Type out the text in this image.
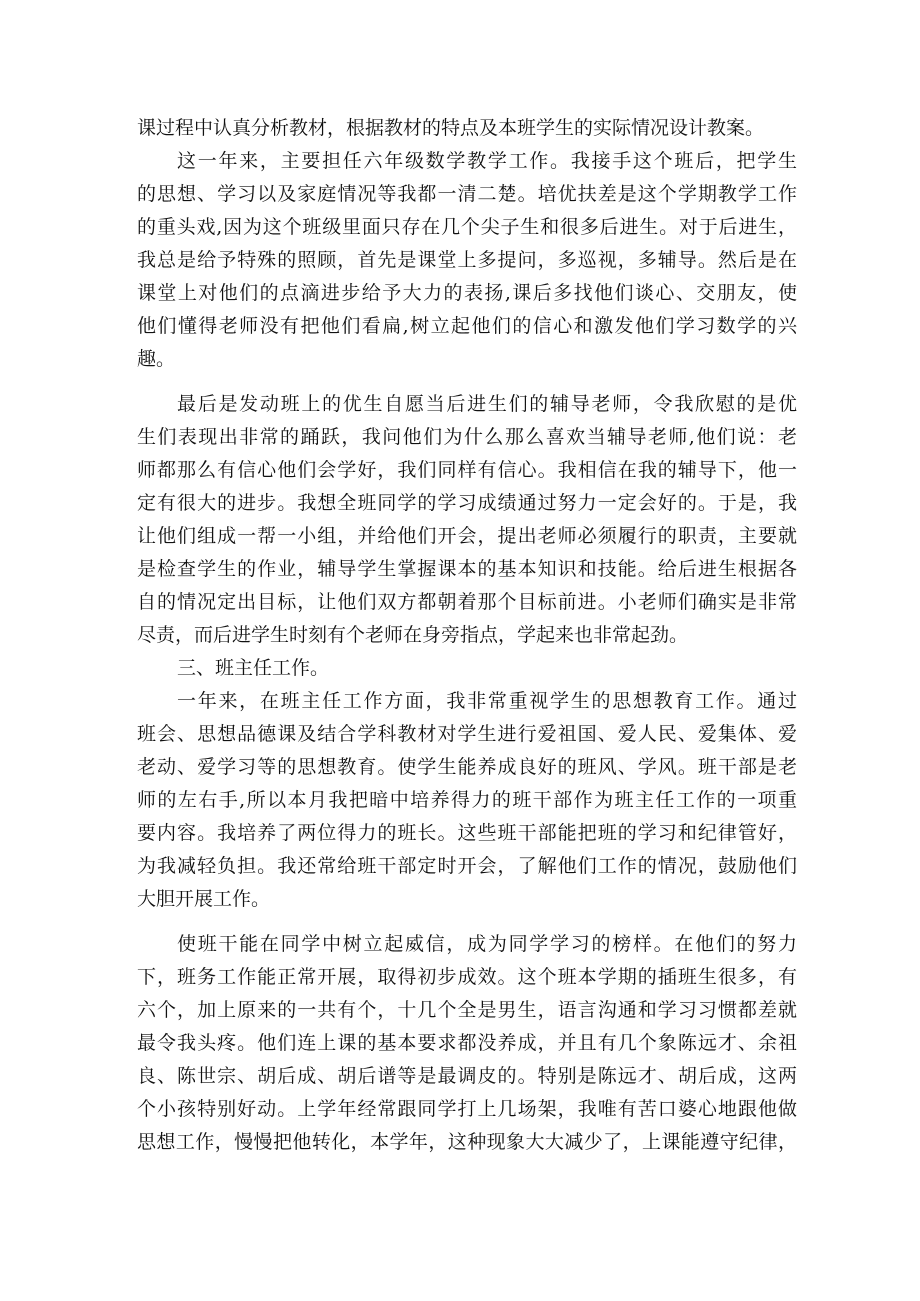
课过程中认真分析教材，根据教材的特点及本班学生的实际情况设计教案。
这一年来，主要担任六年级数学教学工作。我接手这个班后，把学生
的思想、学习以及家庭情况等我都一清二楚。培优扶差是这个学期教学工作
的重头戏,因为这个班级里面只存在几个尖子生和很多后进生。对于后进生，
我总是给予特殊的照顾，首先是课堂上多提问，多巡视，多辅导。然后是在
课堂上对他们的点滴进步给予大力的表扬,课后多找他们谈心、交朋友，使
他们懂得老师没有把他们看扁,树立起他们的信心和激发他们学习数学的兴
趣。
最后是发动班上的优生自愿当后进生们的辅导老师，令我欣慰的是优
生们表现出非常的踊跃，我问他们为什么那么喜欢当辅导老师,他们说：老
师都那么有信心他们会学好，我们同样有信心。我相信在我的辅导下，他一
定有很大的进步。我想全班同学的学习成绩通过努力一定会好的。于是，我
让他们组成一帮一小组，并给他们开会，提出老师必须履行的职责，主要就
是检查学生的作业，辅导学生掌握课本的基本知识和技能。给后进生根据各
自的情况定出目标，让他们双方都朝着那个目标前进。小老师们确实是非常
尽责，而后进学生时刻有个老师在身旁指点，学起来也非常起劲。
三、班主任工作。
一年来，在班主任工作方面，我非常重视学生的思想教育工作。通过
班会、思想品德课及结合学科教材对学生进行爱祖国、爱人民、爱集体、爱
老动、爱学习等的思想教育。使学生能养成良好的班风、学风。班干部是老
师的左右手,所以本月我把暗中培养得力的班干部作为班主任工作的一项重
要内容。我培养了两位得力的班长。这些班干部能把班的学习和纪律管好，
为我减轻负担。我还常给班干部定时开会，了解他们工作的情况，鼓励他们
大胆开展工作。
使班干能在同学中树立起威信，成为同学学习的榜样。在他们的努力
下，班务工作能正常开展，取得初步成效。这个班本学期的插班生很多，有
六个，加上原来的一共有个，十几个全是男生，语言沟通和学习习惯都差就
最令我头疼。他们连上课的基本要求都没养成，并且有几个象陈远才、余祖
良、陈世宗、胡后成、胡后谱等是最调皮的。特别是陈远才、胡后成，这两
个小孩特别好动。上学年经常跟同学打上几场架，我唯有苦口婆心地跟他做
思想工作，慢慢把他转化，本学年，这种现象大大减少了，上课能遵守纪律，
